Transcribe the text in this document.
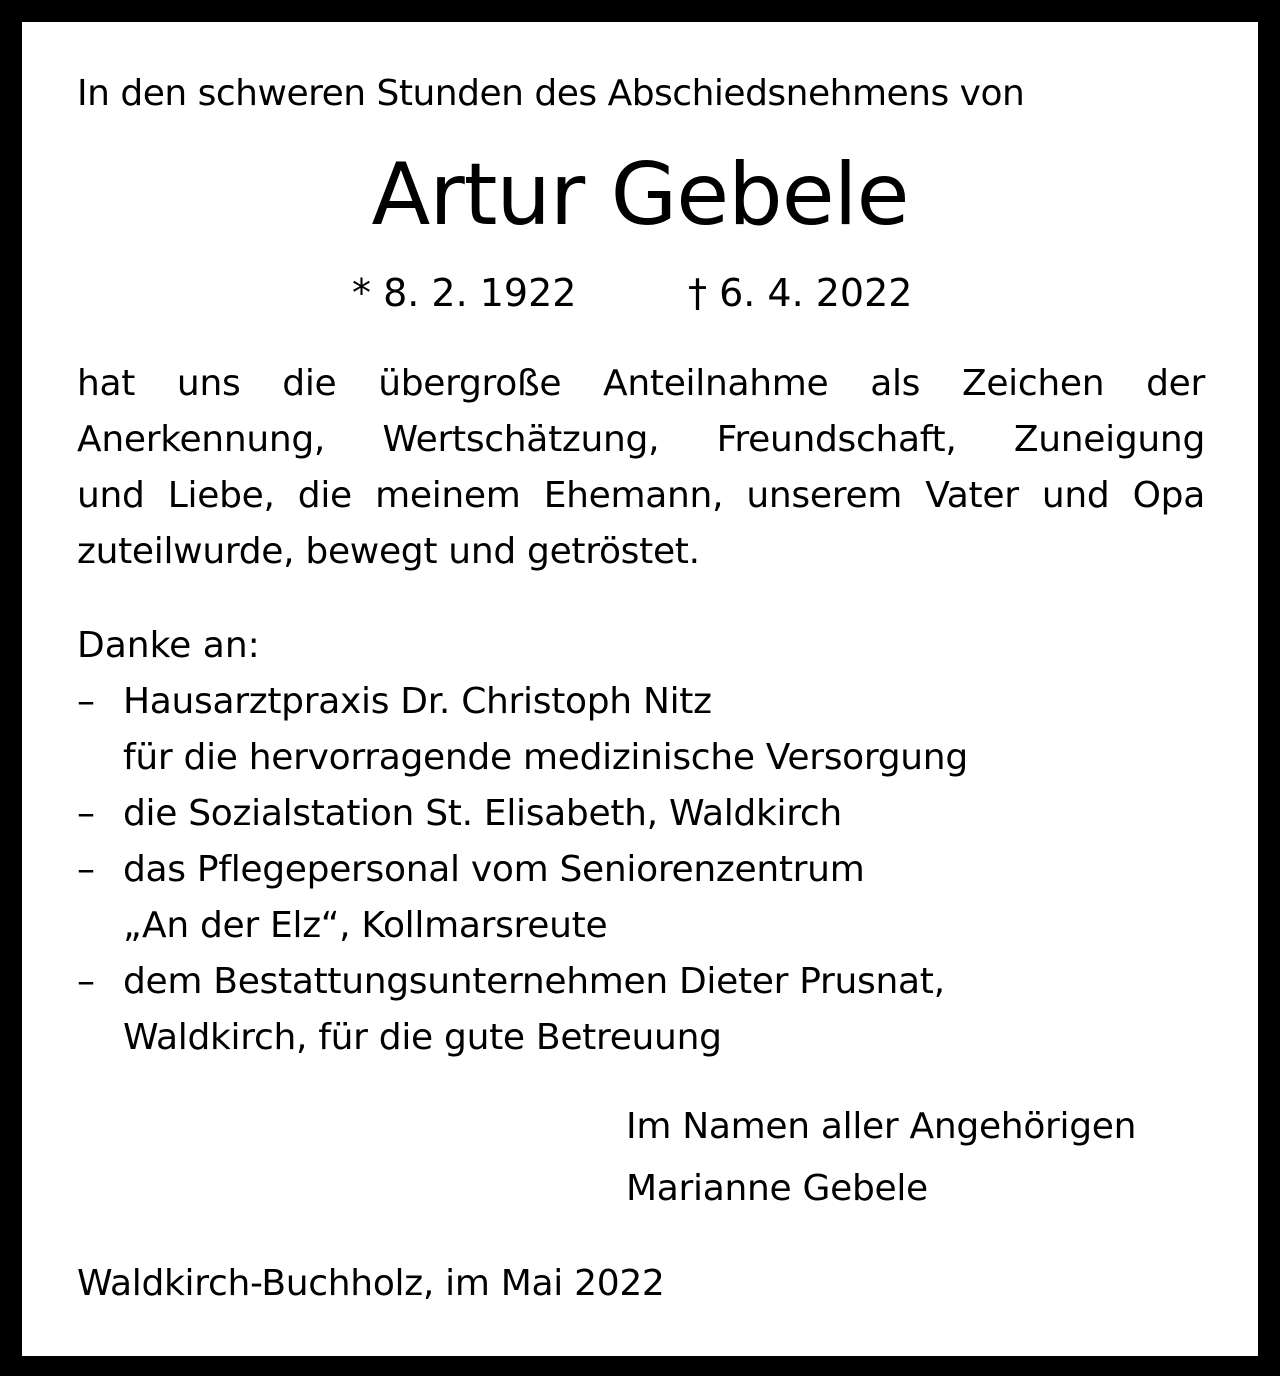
In den schweren Stunden des Abschiedsnehmens von
Artur Gebele
* 8. 2. 1922	† 6. 4. 2022
hat uns die übergroße Anteilnahme als Zeichen der
Anerkennung, Wertschätzung, Freundschaft, Zuneigung
und Liebe, die meinem Ehemann, unserem Vater und Opa
zuteilwurde, bewegt und getröstet.
Danke an:
– Hausarztpraxis Dr. Christoph Nitz
für die hervorragende medizinische Versorgung
– die Sozialstation St. Elisabeth, Waldkirch
– das Pflegepersonal vom Seniorenzentrum
„An der Elz“, Kollmarsreute
– dem Bestattungsunternehmen Dieter Prusnat,
Waldkirch, für die gute Betreuung
Im Namen aller Angehörigen
Marianne Gebele
Waldkirch-Buchholz, im Mai 2022
